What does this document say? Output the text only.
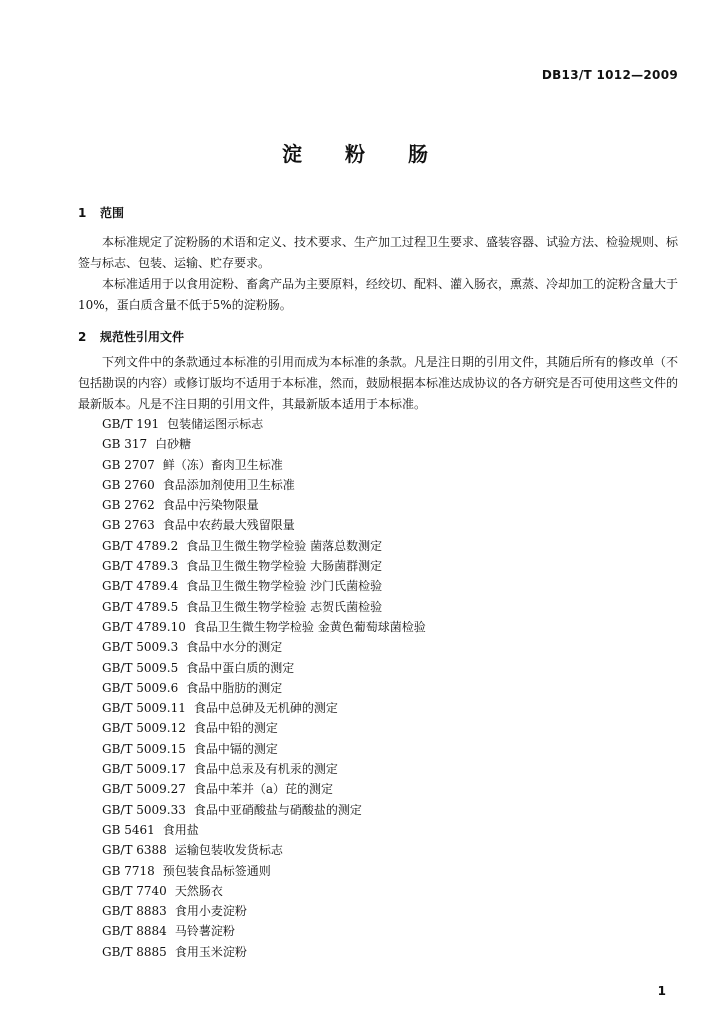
DB13/T 1012—2009
淀 粉 肠
1 范围

本标准规定了淀粉肠的术语和定义、技术要求、生产加工过程卫生要求、盛装容器、试验方法、检验规则、标签与标志、包装、运输、贮存要求。

本标准适用于以食用淀粉、畜禽产品为主要原料，经绞切、配料、灌入肠衣，熏蒸、冷却加工的淀粉含量大于10%，蛋白质含量不低于5%的淀粉肠。

2 规范性引用文件

下列文件中的条款通过本标准的引用而成为本标准的条款。凡是注日期的引用文件，其随后所有的修改单（不包括勘误的内容）或修订版均不适用于本标准，然而，鼓励根据本标准达成协议的各方研究是否可使用这些文件的最新版本。凡是不注日期的引用文件，其最新版本适用于本标准。

GB/T 191 包装储运图示标志
GB 317 白砂糖
GB 2707 鲜（冻）畜肉卫生标准
GB 2760 食品添加剂使用卫生标准
GB 2762 食品中污染物限量
GB 2763 食品中农药最大残留限量
GB/T 4789.2 食品卫生微生物学检验 菌落总数测定
GB/T 4789.3 食品卫生微生物学检验 大肠菌群测定
GB/T 4789.4 食品卫生微生物学检验 沙门氏菌检验
GB/T 4789.5 食品卫生微生物学检验 志贺氏菌检验
GB/T 4789.10 食品卫生微生物学检验 金黄色葡萄球菌检验
GB/T 5009.3 食品中水分的测定
GB/T 5009.5 食品中蛋白质的测定
GB/T 5009.6 食品中脂肪的测定
GB/T 5009.11 食品中总砷及无机砷的测定
GB/T 5009.12 食品中铅的测定
GB/T 5009.15 食品中镉的测定
GB/T 5009.17 食品中总汞及有机汞的测定
GB/T 5009.27 食品中苯并（a）芘的测定
GB/T 5009.33 食品中亚硝酸盐与硝酸盐的测定
GB 5461 食用盐
GB/T 6388 运输包装收发货标志
GB 7718 预包装食品标签通则
GB/T 7740 天然肠衣
GB/T 8883 食用小麦淀粉
GB/T 8884 马铃薯淀粉
GB/T 8885 食用玉米淀粉
1
